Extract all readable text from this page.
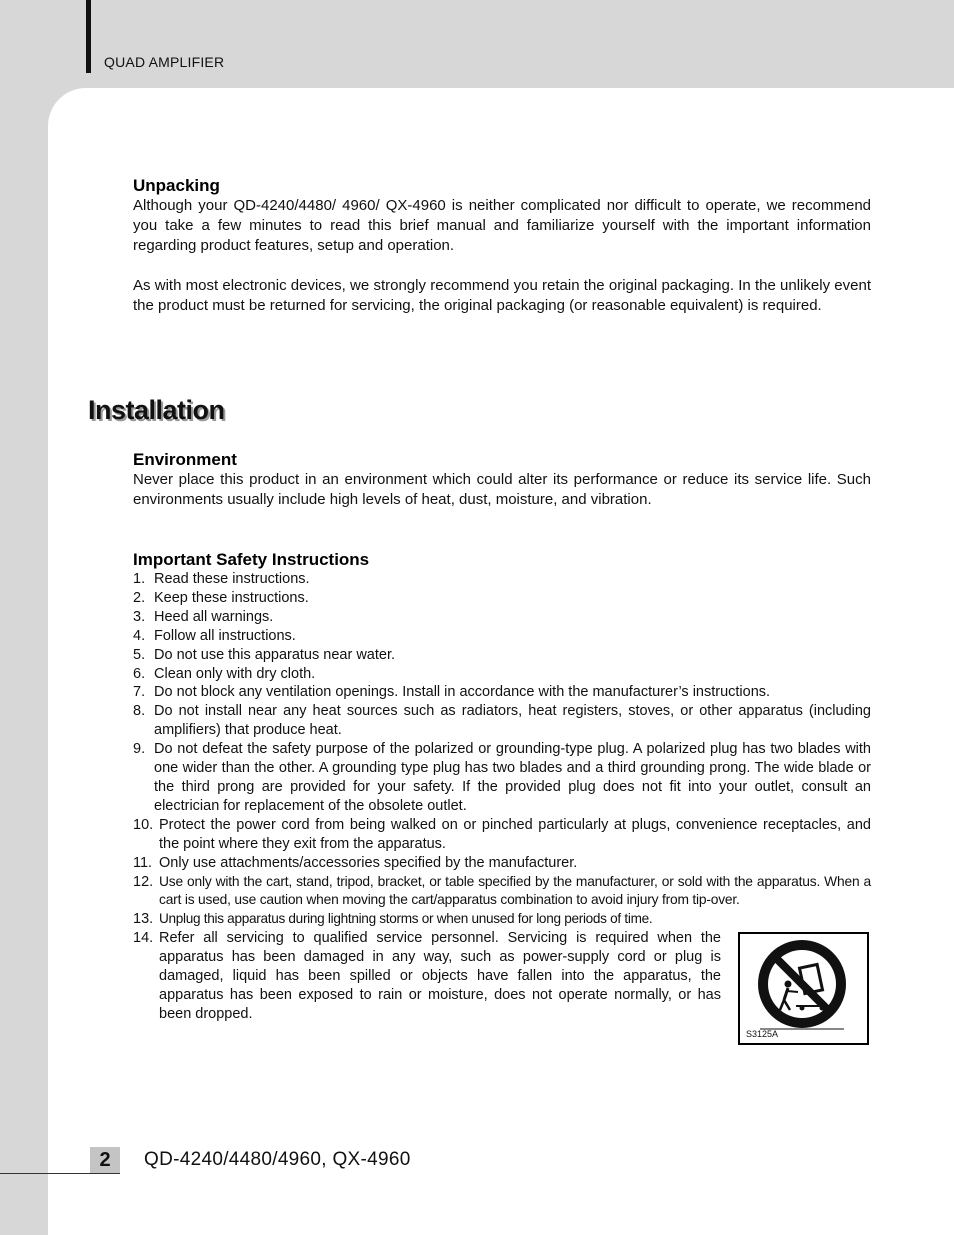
QUAD AMPLIFIER
Unpacking

Although your QD-4240/4480/ 4960/ QX-4960 is neither complicated nor difficult to operate, we recommend you take a few minutes to read this brief manual and familiarize yourself with the important information regarding product features, setup and operation.

As with most electronic devices, we strongly recommend you retain the original packaging. In the unlikely event the product must be returned for servicing, the original packaging (or reasonable equivalent) is required.

Installation
Environment

Never place this product in an environment which could alter its performance or reduce its service life. Such environments usually include high levels of heat, dust, moisture, and vibration.

Important Safety Instructions
1. Read these instructions.
2. Keep these instructions.
3. Heed all warnings.
4. Follow all instructions.
5. Do not use this apparatus near water.
6. Clean only with dry cloth.
7. Do not block any ventilation openings. Install in accordance with the manufacturer’s instructions.
8. Do not install near any heat sources such as radiators, heat registers, stoves, or other apparatus (including amplifiers) that produce heat.
9. Do not defeat the safety purpose of the polarized or grounding-type plug. A polarized plug has two blades with one wider than the other. A grounding type plug has two blades and a third grounding prong. The wide blade or the third prong are provided for your safety. If the provided plug does not fit into your outlet, consult an electrician for replacement of the obsolete outlet.
10. Protect the power cord from being walked on or pinched particularly at plugs, convenience receptacles, and the point where they exit from the apparatus.
11. Only use attachments/accessories specified by the manufacturer.
12. Use only with the cart, stand, tripod, bracket, or table specified by the manufacturer, or sold with the apparatus. When a cart is used, use caution when moving the cart/apparatus combination to avoid injury from tip-over.
13. Unplug this apparatus during lightning storms or when unused for long periods of time.
14. Refer all servicing to qualified service personnel. Servicing is required when the apparatus has been damaged in any way, such as power-supply cord or plug is damaged, liquid has been spilled or objects have fallen into the apparatus, the apparatus has been exposed to rain or moisture, does not operate normally, or has been dropped.
S3125A
2	QD-4240/4480/4960, QX-4960
